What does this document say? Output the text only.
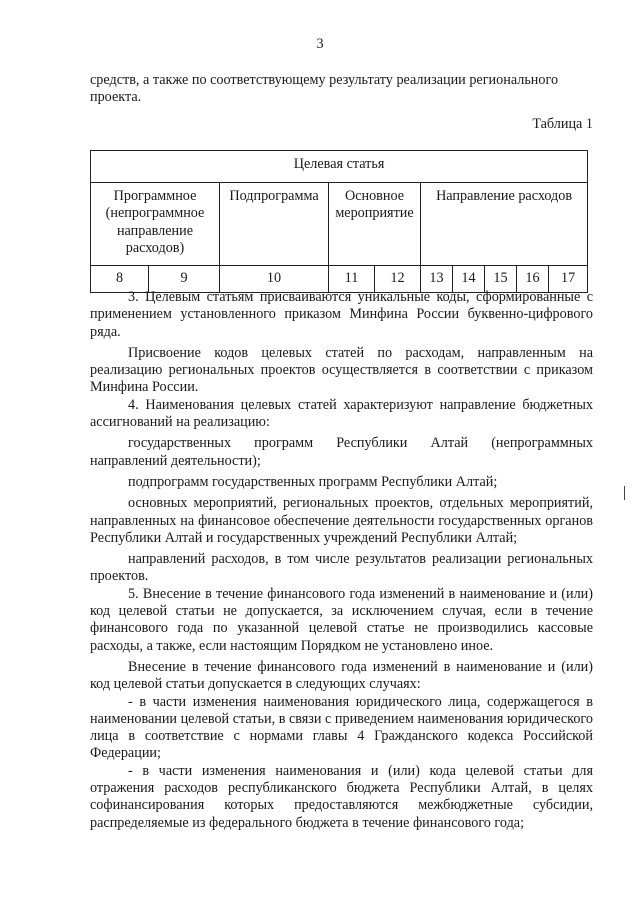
3
средств, а также по соответствующему результату реализации регионального проекта.
Таблица 1
Целевая статья									
Программное (непрограммное направление расходов)		Подпрограмма	Основное мероприятие		Направление расходов				
8	9	10	11	12	13	14	15	16	17

3. Целевым статьям присваиваются уникальные коды, сформированные с применением установленного приказом Минфина России буквенно-цифрового ряда.

Присвоение кодов целевых статей по расходам, направленным на реализацию региональных проектов осуществляется в соответствии с приказом Минфина России.

4. Наименования целевых статей характеризуют направление бюджетных ассигнований на реализацию:

государственных программ Республики Алтай (непрограммных направлений деятельности);

подпрограмм государственных программ Республики Алтай;

основных мероприятий, региональных проектов, отдельных мероприятий, направленных на финансовое обеспечение деятельности государственных органов Республики Алтай и государственных учреждений Республики Алтай;

направлений расходов, в том числе результатов реализации региональных проектов.

5. Внесение в течение финансового года изменений в наименование и (или) код целевой статьи не допускается, за исключением случая, если в течение финансового года по указанной целевой статье не производились кассовые расходы, а также, если настоящим Порядком не установлено иное.

Внесение в течение финансового года изменений в наименование и (или) код целевой статьи допускается в следующих случаях:

- в части изменения наименования юридического лица, содержащегося в наименовании целевой статьи, в связи с приведением наименования юридического лица в соответствие с нормами главы 4 Гражданского кодекса Российской Федерации;

- в части изменения наименования и (или) кода целевой статьи для отражения расходов республиканского бюджета Республики Алтай, в целях софинансирования которых предоставляются межбюджетные субсидии, распределяемые из федерального бюджета в течение финансового года;
